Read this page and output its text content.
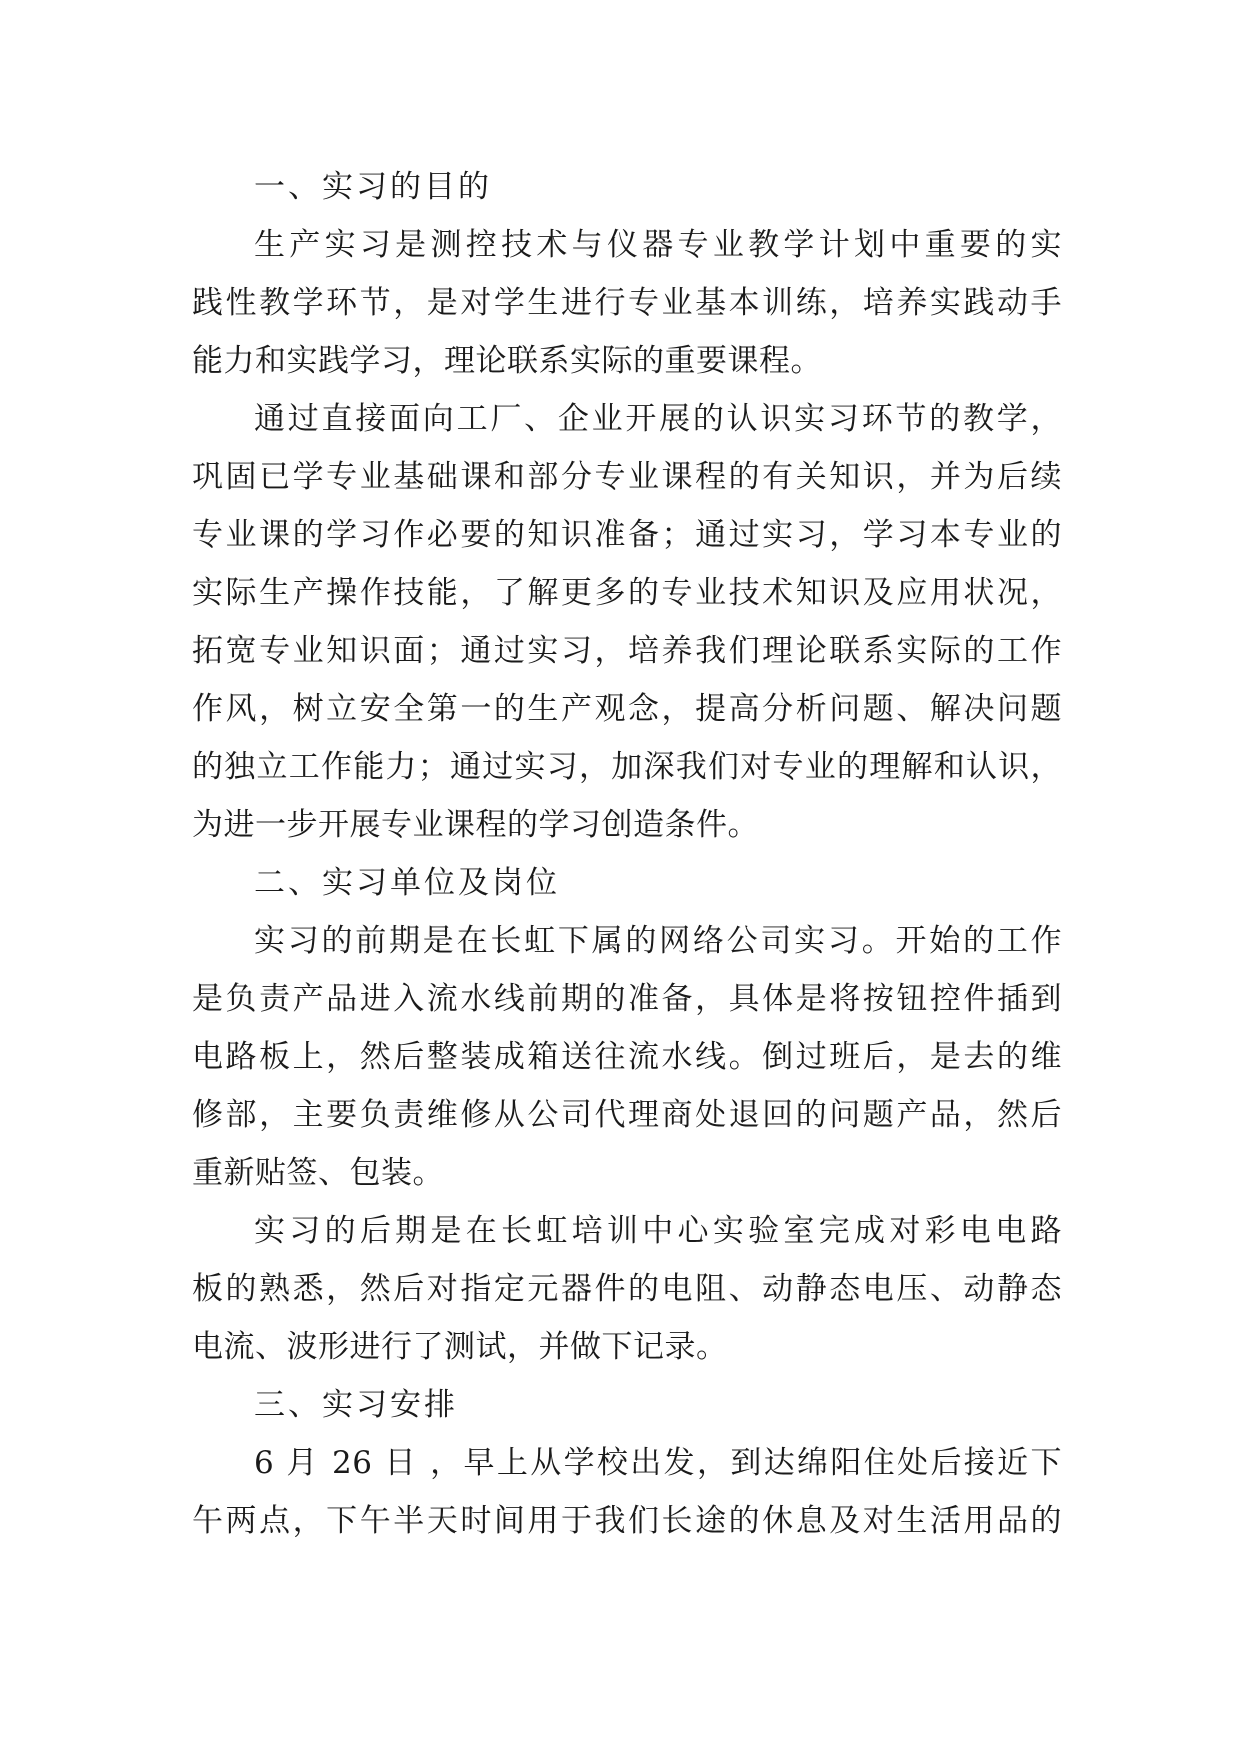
一、实习的目的
生产实习是测控技术与仪器专业教学计划中重要的实
践性教学环节，是对学生进行专业基本训练，培养实践动手
能力和实践学习，理论联系实际的重要课程。
通过直接面向工厂、企业开展的认识实习环节的教学，
巩固已学专业基础课和部分专业课程的有关知识，并为后续
专业课的学习作必要的知识准备；通过实习，学习本专业的
实际生产操作技能，了解更多的专业技术知识及应用状况，
拓宽专业知识面；通过实习，培养我们理论联系实际的工作
作风，树立安全第一的生产观念，提高分析问题、解决问题
的独立工作能力；通过实习，加深我们对专业的理解和认识，
为进一步开展专业课程的学习创造条件。
二、实习单位及岗位
实习的前期是在长虹下属的网络公司实习。开始的工作
是负责产品进入流水线前期的准备，具体是将按钮控件插到
电路板上，然后整装成箱送往流水线。倒过班后，是去的维
修部，主要负责维修从公司代理商处退回的问题产品，然后
重新贴签、包装。
实习的后期是在长虹培训中心实验室完成对彩电电路
板的熟悉，然后对指定元器件的电阻、动静态电压、动静态
电流、波形进行了测试，并做下记录。
三、实习安排
6 月 26 日 ，早上从学校出发，到达绵阳住处后接近下
午两点，下午半天时间用于我们长途的休息及对生活用品的
